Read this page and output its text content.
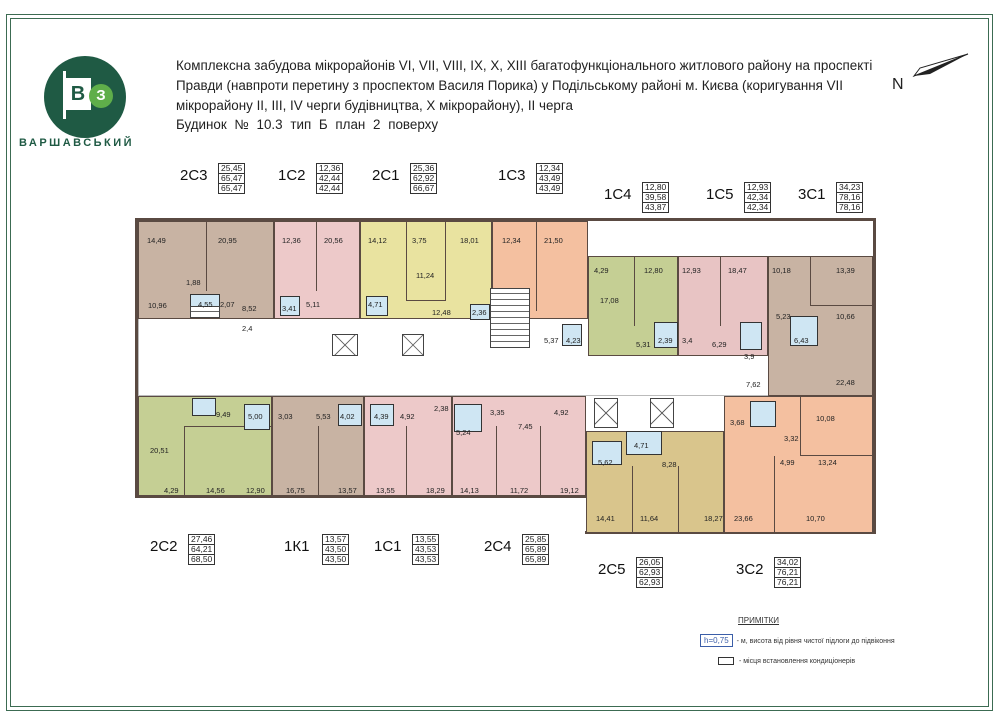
В З
ВАРШАВСЬКИЙ
Комплексна забудова мікрорайонів VI, VII, VIII, IX, X, XIII багатофункціонального житлового району на проспекті Правди (навпроти перетину з проспектом Василя Порика) у Подільському районі м. Києва (коригування VII мікрорайону II, III, IV черги будівництва, X мікрорайону), II черга
Будинок № 10.3 тип Б план 2 поверху
N
14,49	20,95
1,88
10,96	4,55 2,07 8,52
2,4
12,36	20,56
5,11
3,41
14,12	3,75	18,01
11,24
4,71
12,48
12,34	21,50
2,36
5,37 4,23
4,29	12,80
17,08
5,31 2,39 3,4
12,93	18,47
6,29
3,9
10,18	13,39
5,23	10,66
6,43
22,48
7,62
20,51
9,49 5,00
4,29	14,56	12,90
3,03	5,53 4,02
16,75	13,57
4,39 4,92
2,38
13,55	18,29
5,24
3,35
7,45
4,92
14,13	11,72	19,12
5,62
4,71
8,28
14,41	11,64	18,27
3,68
3,32
10,08
4,99	13,24
23,66	10,70
2С3 25,45
65,47
65,47
1С2 12,36
42,44
42,44
2С1 25,36
62,92
66,67
1С3 12,34
43,49
43,49	1С4 12,80
39,58
43,87
1С5 12,93
42,34
42,34
3С1 34,23
78,16
78,16
2С2 27,46
64,21
68,50
1К1 13,57
43,50
43,50
1С1 13,55
43,53
43,53
2С4 25,85
65,89
65,89
2С5 26,05
62,93
62,93
3С2 34,02
76,21
76,21
ПРИМІТКИ
h=0,75 - м, висота від рівня чистої підлоги до підвіконня
- місця встановлення кондиціонерів
